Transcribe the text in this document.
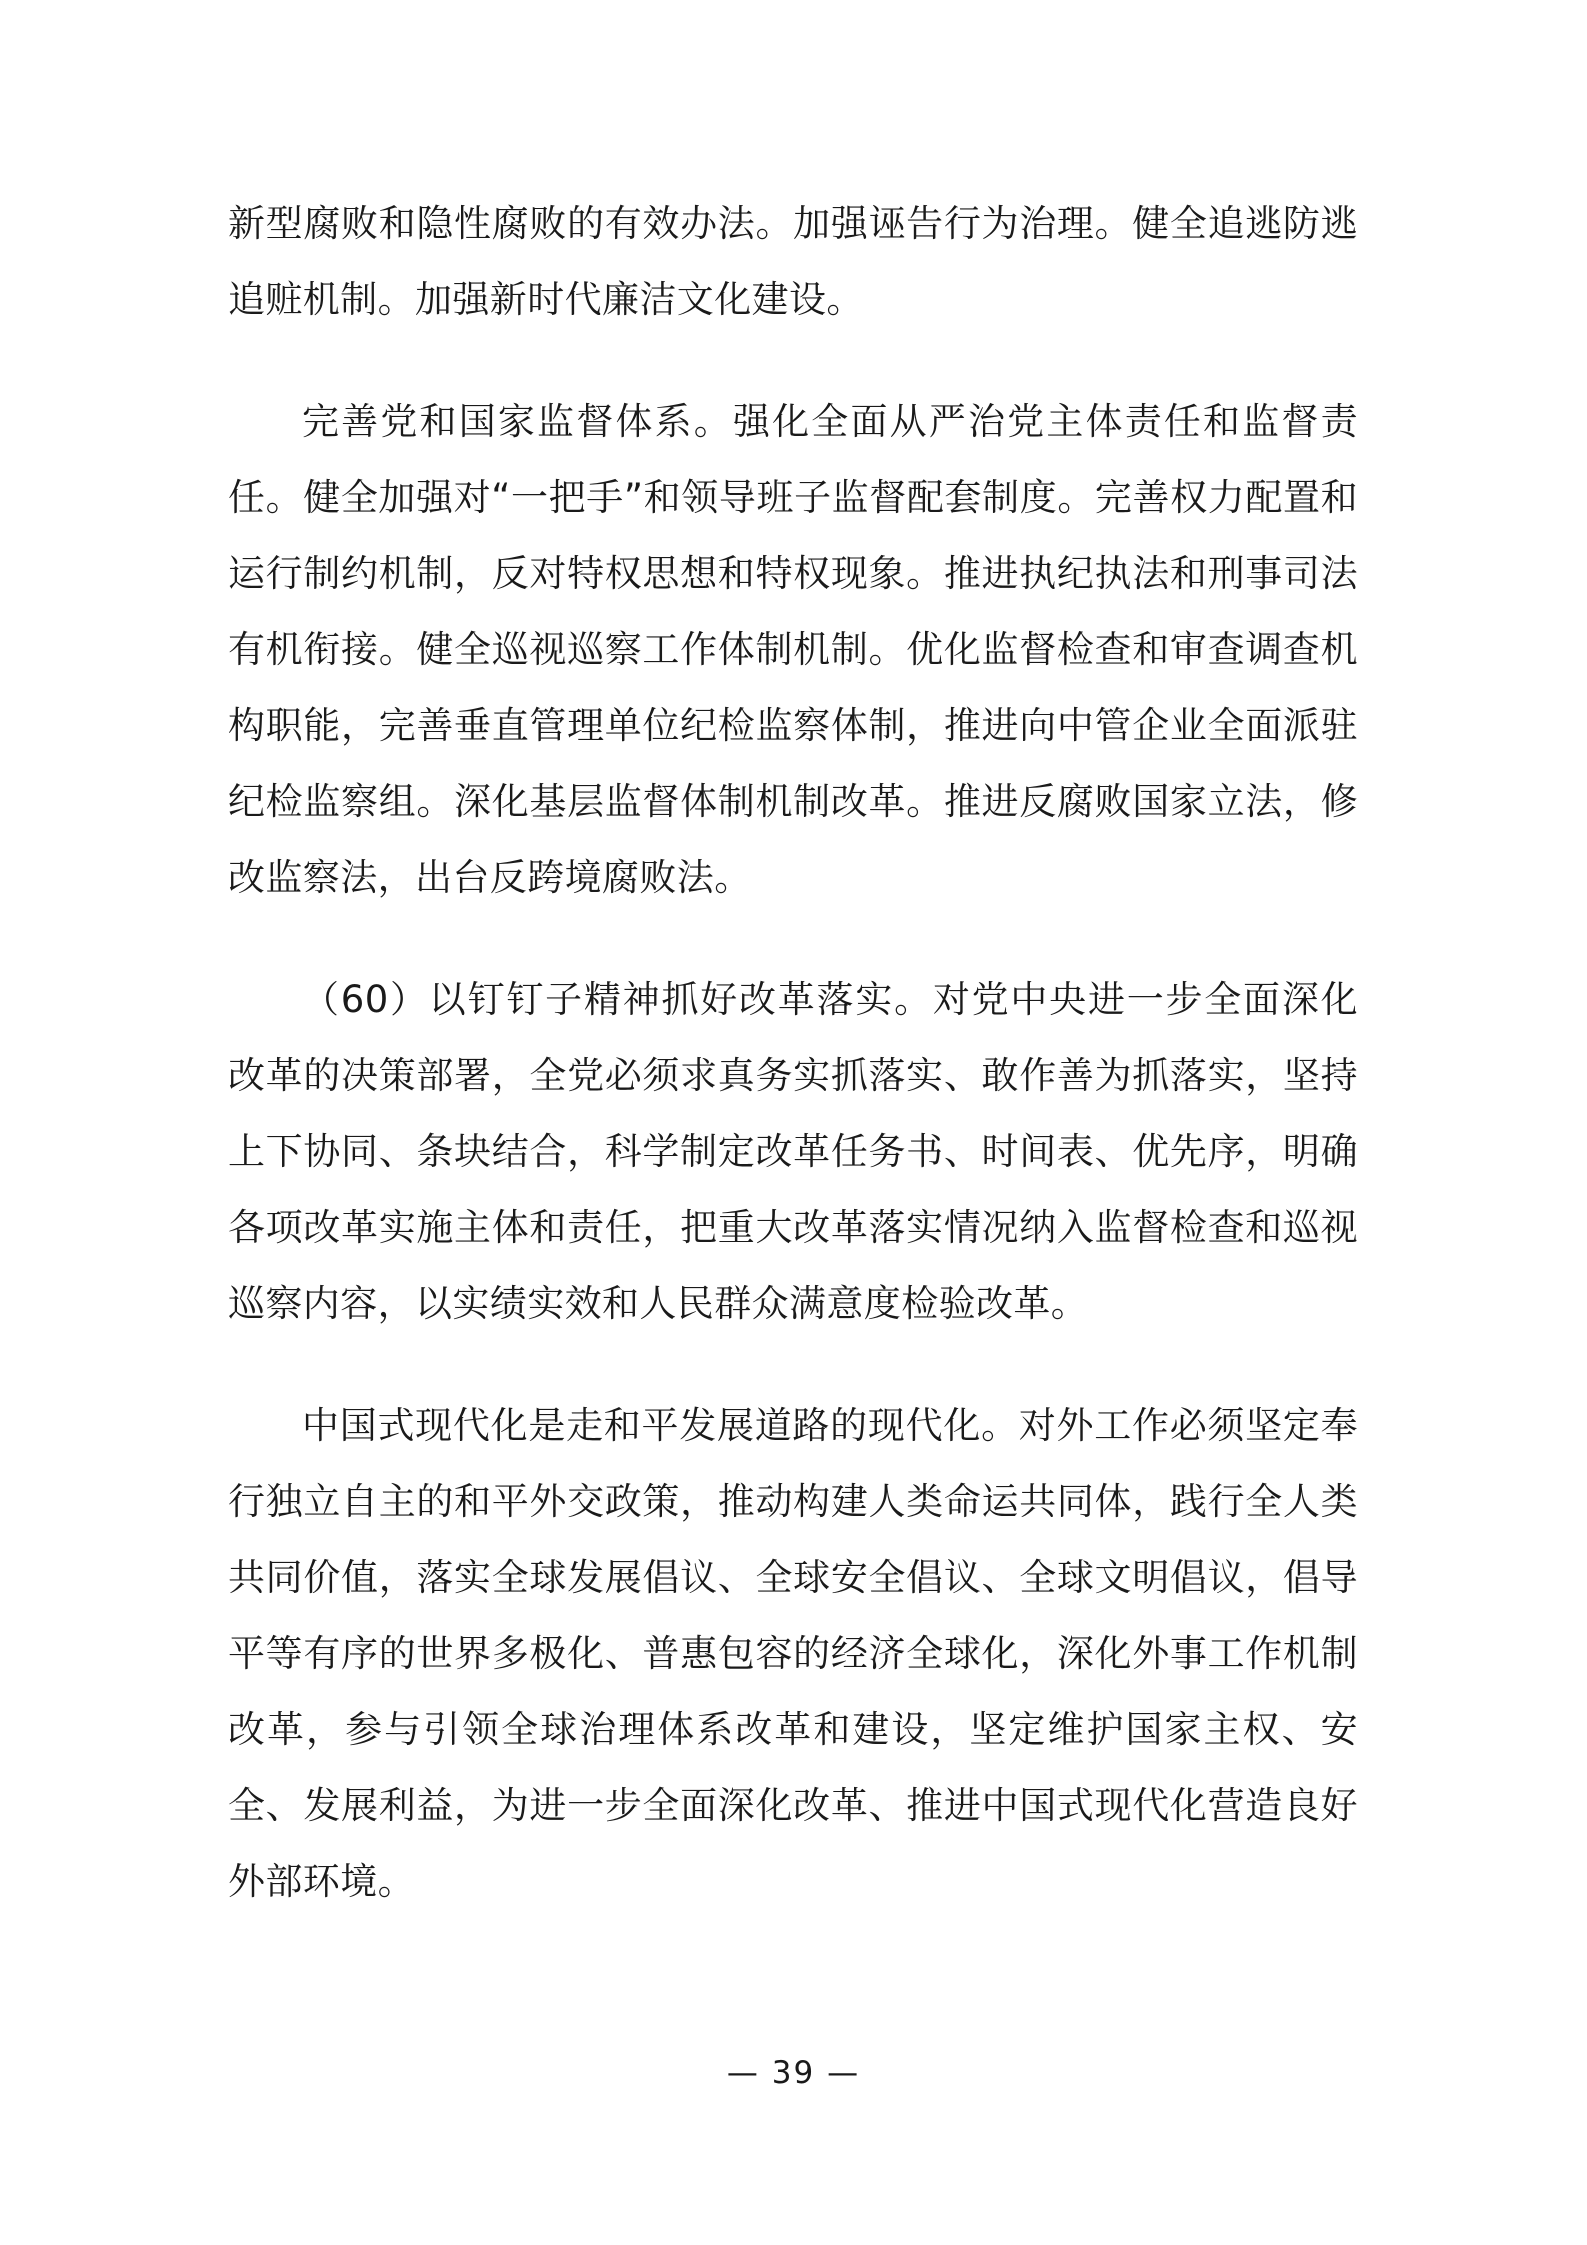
新型腐败和隐性腐败的有效办法。加强诬告行为治理。健全追逃防逃追赃机制。加强新时代廉洁文化建设。

完善党和国家监督体系。强化全面从严治党主体责任和监督责任。健全加强对“一把手”和领导班子监督配套制度。完善权力配置和运行制约机制，反对特权思想和特权现象。推进执纪执法和刑事司法有机衔接。健全巡视巡察工作体制机制。优化监督检查和审查调查机构职能，完善垂直管理单位纪检监察体制，推进向中管企业全面派驻纪检监察组。深化基层监督体制机制改革。推进反腐败国家立法，修改监察法，出台反跨境腐败法。

（60）以钉钉子精神抓好改革落实。对党中央进一步全面深化改革的决策部署，全党必须求真务实抓落实、敢作善为抓落实，坚持上下协同、条块结合，科学制定改革任务书、时间表、优先序，明确各项改革实施主体和责任，把重大改革落实情况纳入监督检查和巡视巡察内容，以实绩实效和人民群众满意度检验改革。

中国式现代化是走和平发展道路的现代化。对外工作必须坚定奉行独立自主的和平外交政策，推动构建人类命运共同体，践行全人类共同价值，落实全球发展倡议、全球安全倡议、全球文明倡议，倡导平等有序的世界多极化、普惠包容的经济全球化，深化外事工作机制改革，参与引领全球治理体系改革和建设，坚定维护国家主权、安全、发展利益，为进一步全面深化改革、推进中国式现代化营造良好外部环境。

— 39 —
